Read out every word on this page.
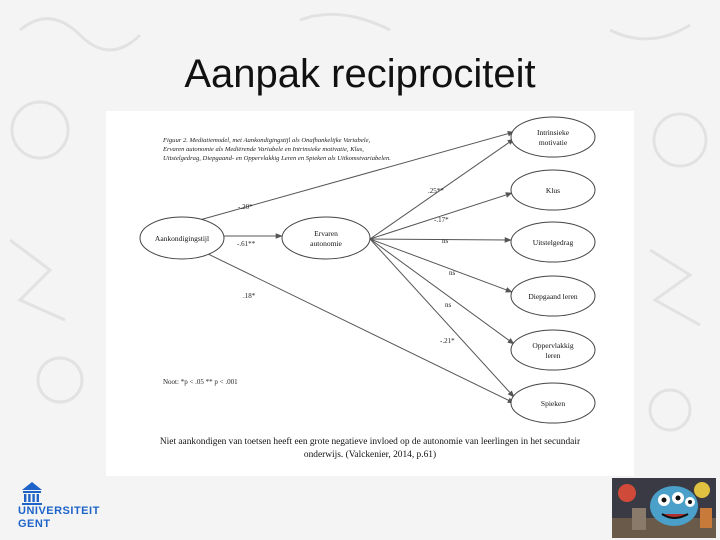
Aanpak reciprociteit
Figuur 2. Mediatiemodel, met Aankondigingstijl als Onafhankelijke Variabele,
Ervaren autonomie als Mediërende Variabele en Intrinsieke motivatie, Klus,
Uitstelgedrag, Diepgaand- en Oppervlakkig Leren en Spieken als Uitkomstvariabelen.
-.20*
-.61**
.18*
.25**
-.17*
ns
ns
ns
-.21*
Aankondigingstijl
Ervaren
autonomie
Intrinsieke
motivatie
Klus
Uitstelgedrag
Diepgaand leren
Oppervlakkig
leren
Spieken
Noot: *p < .05 ** p < .001
Niet aankondigen van toetsen heeft een grote negatieve invloed op de autonomie van leerlingen in het secundair
onderwijs. (Valckenier, 2014, p.61)
UNIVERSITEIT
GENT
